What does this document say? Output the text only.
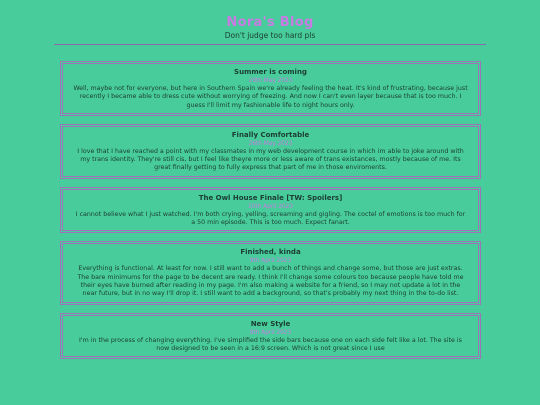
Nora's Blog
Don't judge too hard pls
Summer is coming
29th May 2023
Well, maybe not for everyone, but here in Southern Spain we're already feeling the heat. It's kind of frustrating, because just recently I became able to dress cute without worrying of freezing. And now I can't even layer because that is too much. I guess I'll limit my fashionable life to night hours only.
Finally Comfortable
26th May 2023
I love that I have reached a point with my classmates in my web development course in which im able to joke around with my trans identity. They're still cis, but I feel like theyre more or less aware of trans existances, mostly because of me. Its great finally getting to fully express that part of me in those enviroments.
The Owl House Finale [TW: Spoilers]
10th April 2023
I cannot believe what I just watched. I'm both crying, yelling, screaming and gigling. The coctel of emotions is too much for a 50 min episode. This is too much. Expect fanart.
Finished, kinda
9th April 2023
Everything is functional. At least for now. I still want to add a bunch of things and change some, but those are just extras. The bare minimums for the page to be decent are ready. I think I'll change some colours too because people have told me their eyes have burned after reading in my page. I'm also making a website for a friend, so I may not update a lot in the near future, but in no way I'll drop it. I still want to add a background, so that's probably my next thing in the to-do list.
New Style
8th April 2023
I'm in the process of changing everything. I've simplified the side bars because one on each side felt like a lot. The site is now designed to be seen in a 16:9 screen. Which is not great since I use
